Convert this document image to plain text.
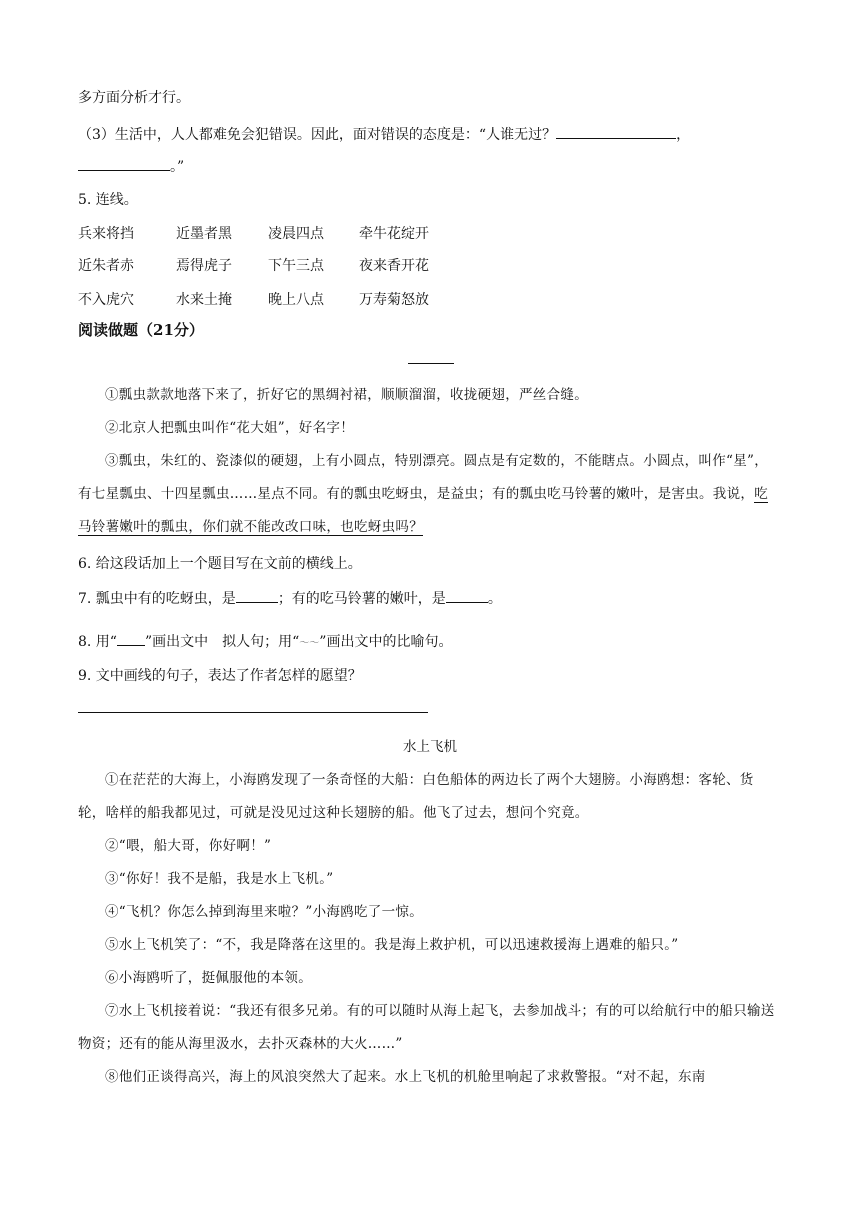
多方面分析才行。
（3）生活中，人人都难免会犯错误。因此，面对错误的态度是：“人谁无过？	，
。”
5. 连线。
兵来将挡	近墨者黑	凌晨四点	牵牛花绽开
近朱者赤	焉得虎子	下午三点	夜来香开花
不入虎穴	水来土掩	晚上八点	万寿菊怒放
阅读做题（21分）

①瓢虫款款地落下来了，折好它的黑绸衬裙，顺顺溜溜，收拢硬翅，严丝合缝。

②北京人把瓢虫叫作“花大姐”，好名字！

③瓢虫，朱红的、瓷漆似的硬翅，上有小圆点，特别漂亮。圆点是有定数的，不能瞎点。小圆点，叫作“星”，有七星瓢虫、十四星瓢虫……星点不同。有的瓢虫吃蚜虫，是益虫；有的瓢虫吃马铃薯的嫩叶，是害虫。我说，吃马铃薯嫩叶的瓢虫，你们就不能改改口味，也吃蚜虫吗？

6. 给这段话加上一个题目写在文前的横线上。
7. 瓢虫中有的吃蚜虫，是	；有的吃马铃薯的嫩叶，是	。
8. 用“ ”画出文中　拟人句；用“～～”画出文中的比喻句。
9. 文中画线的句子，表达了作者怎样的愿望？
水上飞机

①在茫茫的大海上，小海鸥发现了一条奇怪的大船：白色船体的两边长了两个大翅膀。小海鸥想：客轮、货轮，啥样的船我都见过，可就是没见过这种长翅膀的船。他飞了过去，想问个究竟。

②“喂，船大哥，你好啊！”

③“你好！我不是船，我是水上飞机。”

④“飞机？你怎么掉到海里来啦？”小海鸥吃了一惊。

⑤水上飞机笑了：“不，我是降落在这里的。我是海上救护机，可以迅速救援海上遇难的船只。”

⑥小海鸥听了，挺佩服他的本领。

⑦水上飞机接着说：“我还有很多兄弟。有的可以随时从海上起飞，去参加战斗；有的可以给航行中的船只输送物资；还有的能从海里汲水，去扑灭森林的大火……”

⑧他们正谈得高兴，海上的风浪突然大了起来。水上飞机的机舱里响起了求救警报。“对不起，东南
